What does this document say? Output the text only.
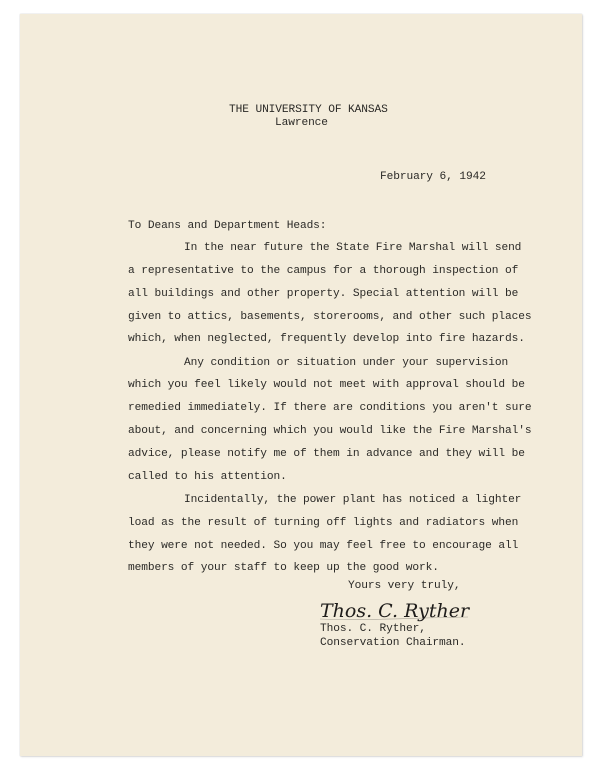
THE UNIVERSITY OF KANSAS
Lawrence
February 6, 1942
To Deans and Department Heads:
In the near future the State Fire Marshal will send
a representative to the campus for a thorough inspection of
all buildings and other property. Special attention will be
given to attics, basements, storerooms, and other such places
which, when neglected, frequently develop into fire hazards.
Any condition or situation under your supervision
which you feel likely would not meet with approval should be
remedied immediately. If there are conditions you aren't sure
about, and concerning which you would like the Fire Marshal's
advice, please notify me of them in advance and they will be
called to his attention.
Incidentally, the power plant has noticed a lighter
load as the result of turning off lights and radiators when
they were not needed. So you may feel free to encourage all
members of your staff to keep up the good work.
Yours very truly,
Thos. C. Ryther
Thos. C. Ryther,
Conservation Chairman.
